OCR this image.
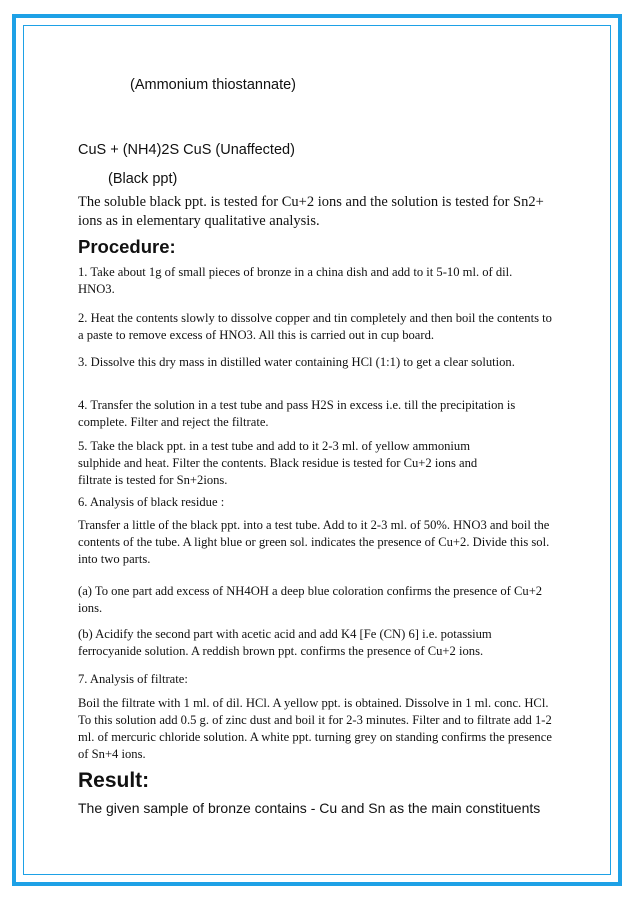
(Ammonium thiostannate)

CuS + (NH4)2S CuS (Unaffected)

(Black ppt)

The soluble black ppt. is tested for Cu+2 ions and the solution is tested for Sn2+ ions as in elementary qualitative analysis.

Procedure:

1. Take about 1g of small pieces of bronze in a china dish and add to it 5-10 ml. of dil. HNO3.

2. Heat the contents slowly to dissolve copper and tin completely and then boil the contents to a paste to remove excess of HNO3. All this is carried out in cup board.

3. Dissolve this dry mass in distilled water containing HCl (1:1) to get a clear solution.

4. Transfer the solution in a test tube and pass H2S in excess i.e. till the precipitation is complete. Filter and reject the filtrate.

5. Take the black ppt. in a test tube and add to it 2-3 ml. of yellow ammonium sulphide and heat. Filter the contents. Black residue is tested for Cu+2 ions and filtrate is tested for Sn+2ions.

6. Analysis of black residue :

Transfer a little of the black ppt. into a test tube. Add to it 2-3 ml. of 50%. HNO3 and boil the contents of the tube. A light blue or green sol. indicates the presence of Cu+2. Divide this sol. into two parts.

(a) To one part add excess of NH4OH a deep blue coloration confirms the presence of Cu+2 ions.

(b) Acidify the second part with acetic acid and add K4 [Fe (CN) 6] i.e. potassium ferrocyanide solution. A reddish brown ppt. confirms the presence of Cu+2 ions.

7. Analysis of filtrate:

Boil the filtrate with 1 ml. of dil. HCl. A yellow ppt. is obtained. Dissolve in 1 ml. conc. HCl. To this solution add 0.5 g. of zinc dust and boil it for 2-3 minutes. Filter and to filtrate add 1-2 ml. of mercuric chloride solution. A white ppt. turning grey on standing confirms the presence of Sn+4 ions.

Result:

The given sample of bronze contains - Cu and Sn as the main constituents
